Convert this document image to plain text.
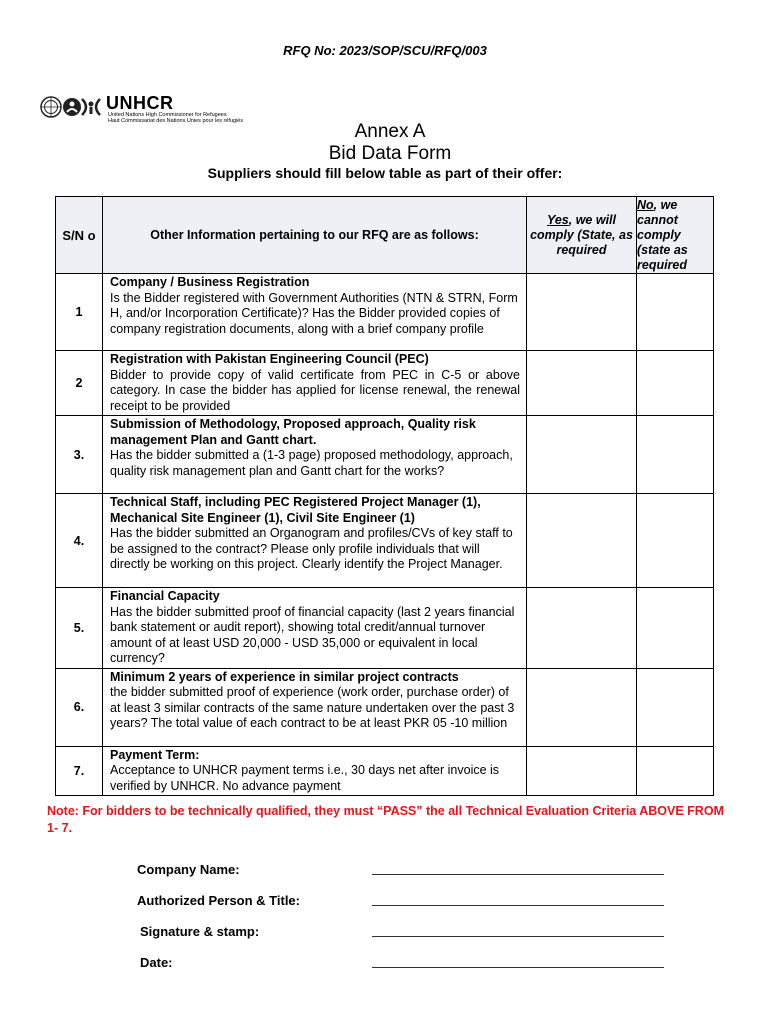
RFQ No: 2023/SOP/SCU/RFQ/003
UNHCR
United Nations High Commissioner for Refugees
Haut Commissariat des Nations Unies pour les réfugiés	Annex A
Bid Data Form
Suppliers should fill below table as part of their offer:
S/N o	Other Information pertaining to our RFQ are as follows:	Yes, we will comply (State, as required	No, we cannot comply (state as required
1	Company / Business Registration
Is the Bidder registered with Government Authorities (NTN & STRN, Form H, and/or Incorporation Certificate)? Has the Bidder provided copies of company registration documents, along with a brief company profile		

2	Registration with Pakistan Engineering Council (PEC)
Bidder to provide copy of valid certificate from PEC in C-5 or above category. In case the bidder has applied for license renewal, the renewal receipt to be provided		

3.	Submission of Methodology, Proposed approach, Quality risk management Plan and Gantt chart.
Has the bidder submitted a (1-3 page) proposed methodology, approach, quality risk management plan and Gantt chart for the works?		

4.	Technical Staff, including PEC Registered Project Manager (1), Mechanical Site Engineer (1), Civil Site Engineer (1)
Has the bidder submitted an Organogram and profiles/CVs of key staff to be assigned to the contract? Please only profile individuals that will directly be working on this project. Clearly identify the Project Manager.		

5.	Financial Capacity
Has the bidder submitted proof of financial capacity (last 2 years financial bank statement or audit report), showing total credit/annual turnover amount of at least USD 20,000 - USD 35,000 or equivalent in local currency?		

6.	Minimum 2 years of experience in similar project contracts
the bidder submitted proof of experience (work order, purchase order) of at least 3 similar contracts of the same nature undertaken over the past 3 years? The total value of each contract to be at least PKR 05 -10 million		

7.	Payment Term:
Acceptance to UNHCR payment terms i.e., 30 days net after invoice is verified by UNHCR. No advance payment		

Note: For bidders to be technically qualified, they must “PASS” the all Technical Evaluation Criteria ABOVE FROM 1- 7.
Company Name:
Authorized Person & Title:
Signature & stamp:
Date:
